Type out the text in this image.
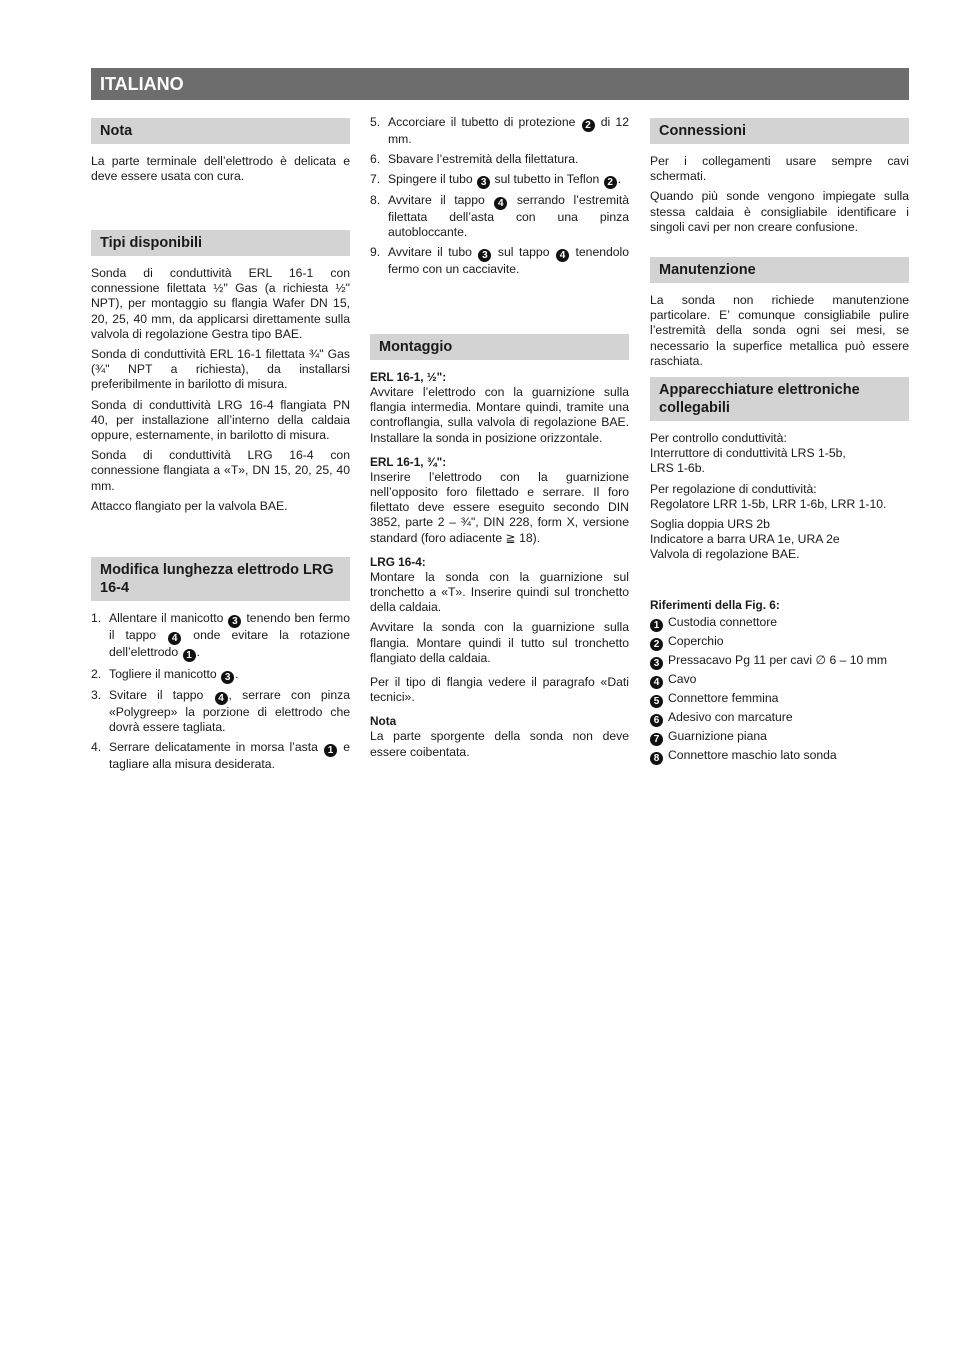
ITALIANO
Nota

La parte terminale dell’elettrodo è delicata e deve essere usata con cura.

Tipi disponibili

Sonda di conduttività ERL 16-1 con connessione filettata ½" Gas (a richiesta ½" NPT), per montaggio su flangia Wafer DN 15, 20, 25, 40 mm, da applicarsi direttamente sulla valvola di regolazione Gestra tipo BAE.

Sonda di conduttività ERL 16-1 filettata ¾" Gas (¾" NPT a richiesta), da installarsi preferibilmente in barilotto di misura.

Sonda di conduttività LRG 16-4 flangiata PN 40, per installazione all’interno della caldaia oppure, esternamente, in barilotto di misura.

Sonda di conduttività LRG 16-4 con connessione flangiata a «T», DN 15, 20, 25, 40 mm.

Attacco flangiato per la valvola BAE.

Modifica lunghezza elettrodo LRG 16-4
1. Allentare il manicotto 3 tenendo ben fermo il tappo 4 onde evitare la rotazione dell’elettrodo 1 .
2. Togliere il manicotto 3 .
3. Svitare il tappo 4 , serrare con pinza «Polygreep» la porzione di elettrodo che dovrà essere tagliata.
4. Serrare delicatamente in morsa l’asta 1 e tagliare alla misura desiderata.
5. Accorciare il tubetto di protezione 2 di 12 mm.
6. Sbavare l’estremità della filettatura.
7. Spingere il tubo 3 sul tubetto in Teflon 2 .
8. Avvitare il tappo 4 serrando l’estremità filettata dell’asta con una pinza autobloccante.
9. Avvitare il tubo 3 sul tappo 4 tenendolo fermo con un cacciavite.
Montaggio
ERL 16-1, ½":

Avvitare l’elettrodo con la guarnizione sulla flangia intermedia. Montare quindi, tramite una controflangia, sulla valvola di regolazione BAE. Installare la sonda in posizione orizzontale.

ERL 16-1, ¾":

Inserire l’elettrodo con la guarnizione nell’opposito foro filettado e serrare. Il foro filettato deve essere eseguito secondo DIN 3852, parte 2 – ¾", DIN 228, form X, versione standard (foro adiacente ≧ 18).

LRG 16-4:

Montare la sonda con la guarnizione sul tronchetto a «T». Inserire quindi sul tronchetto della caldaia.

Avvitare la sonda con la guarnizione sulla flangia. Montare quindi il tutto sul tronchetto flangiato della caldaia.

Per il tipo di flangia vedere il paragrafo «Dati tecnici».

Nota

La parte sporgente della sonda non deve essere coibentata.

Connessioni

Per i collegamenti usare sempre cavi schermati.

Quando più sonde vengono impiegate sulla stessa caldaia è consigliabile identificare i singoli cavi per non creare confusione.

Manutenzione

La sonda non richiede manutenzione particolare. E’ comunque consigliabile pulire l’estremità della sonda ogni sei mesi, se necessario la superfice metallica può essere raschiata.

Apparecchiature elettroniche collegabili

Per controllo conduttività:
Interruttore di conduttività LRS 1-5b,
LRS 1-6b.

Per regolazione di conduttività:
Regolatore LRR 1-5b, LRR 1-6b, LRR 1-10.

Soglia doppia URS 2b
Indicatore a barra URA 1e, URA 2e
Valvola di regolazione BAE.

Riferimenti della Fig. 6:
1 Custodia connettore
2 Coperchio
3 Pressacavo Pg 11 per cavi ∅ 6 – 10 mm
4 Cavo
5 Connettore femmina
6 Adesivo con marcature
7 Guarnizione piana
8 Connettore maschio lato sonda
